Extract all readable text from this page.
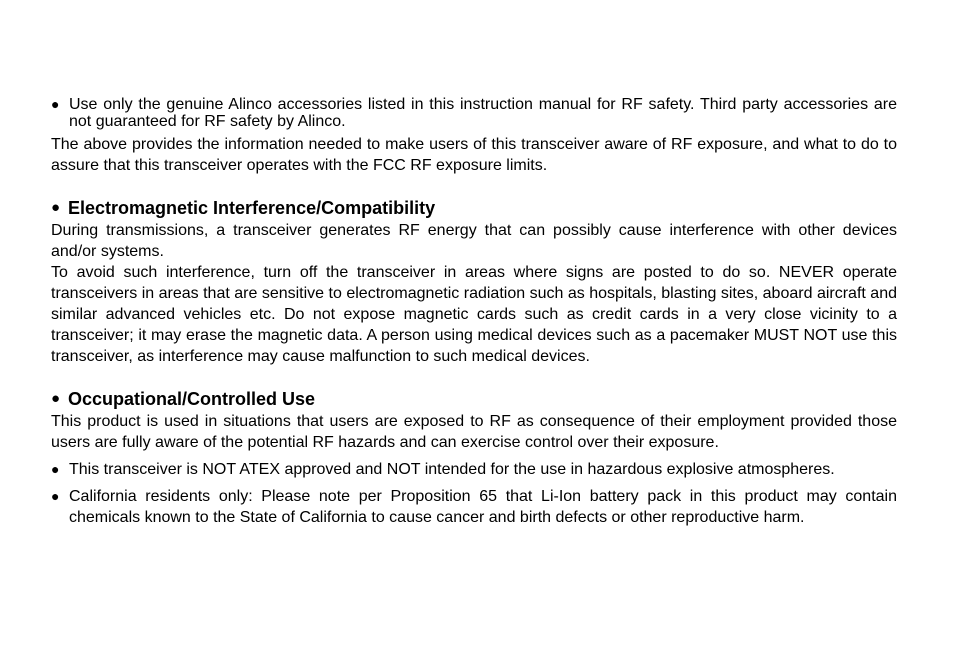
● Use only the genuine Alinco accessories listed in this instruction manual for RF safety. Third party accessories are not guaranteed for RF safety by Alinco.

The above provides the information needed to make users of this transceiver aware of RF exposure, and what to do to assure that this transceiver operates with the FCC RF exposure limits.

● Electromagnetic Interference/Compatibility

During transmissions, a transceiver generates RF energy that can possibly cause interference with other devices and/or systems.

To avoid such interference, turn off the transceiver in areas where signs are posted to do so. NEVER operate transceivers in areas that are sensitive to electromagnetic radiation such as hospitals, blasting sites, aboard aircraft and similar advanced vehicles etc. Do not expose magnetic cards such as credit cards in a very close vicinity to a transceiver; it may erase the magnetic data. A person using medical devices such as a pacemaker MUST NOT use this transceiver, as interference may cause malfunction to such medical devices.

● Occupational/Controlled Use

This product is used in situations that users are exposed to RF as consequence of their employment provided those users are fully aware of the potential RF hazards and can exercise control over their exposure.

● This transceiver is NOT ATEX approved and NOT intended for the use in hazardous explosive atmospheres.
● California residents only: Please note per Proposition 65 that Li-Ion battery pack in this product may contain chemicals known to the State of California to cause cancer and birth defects or other reproductive harm.
